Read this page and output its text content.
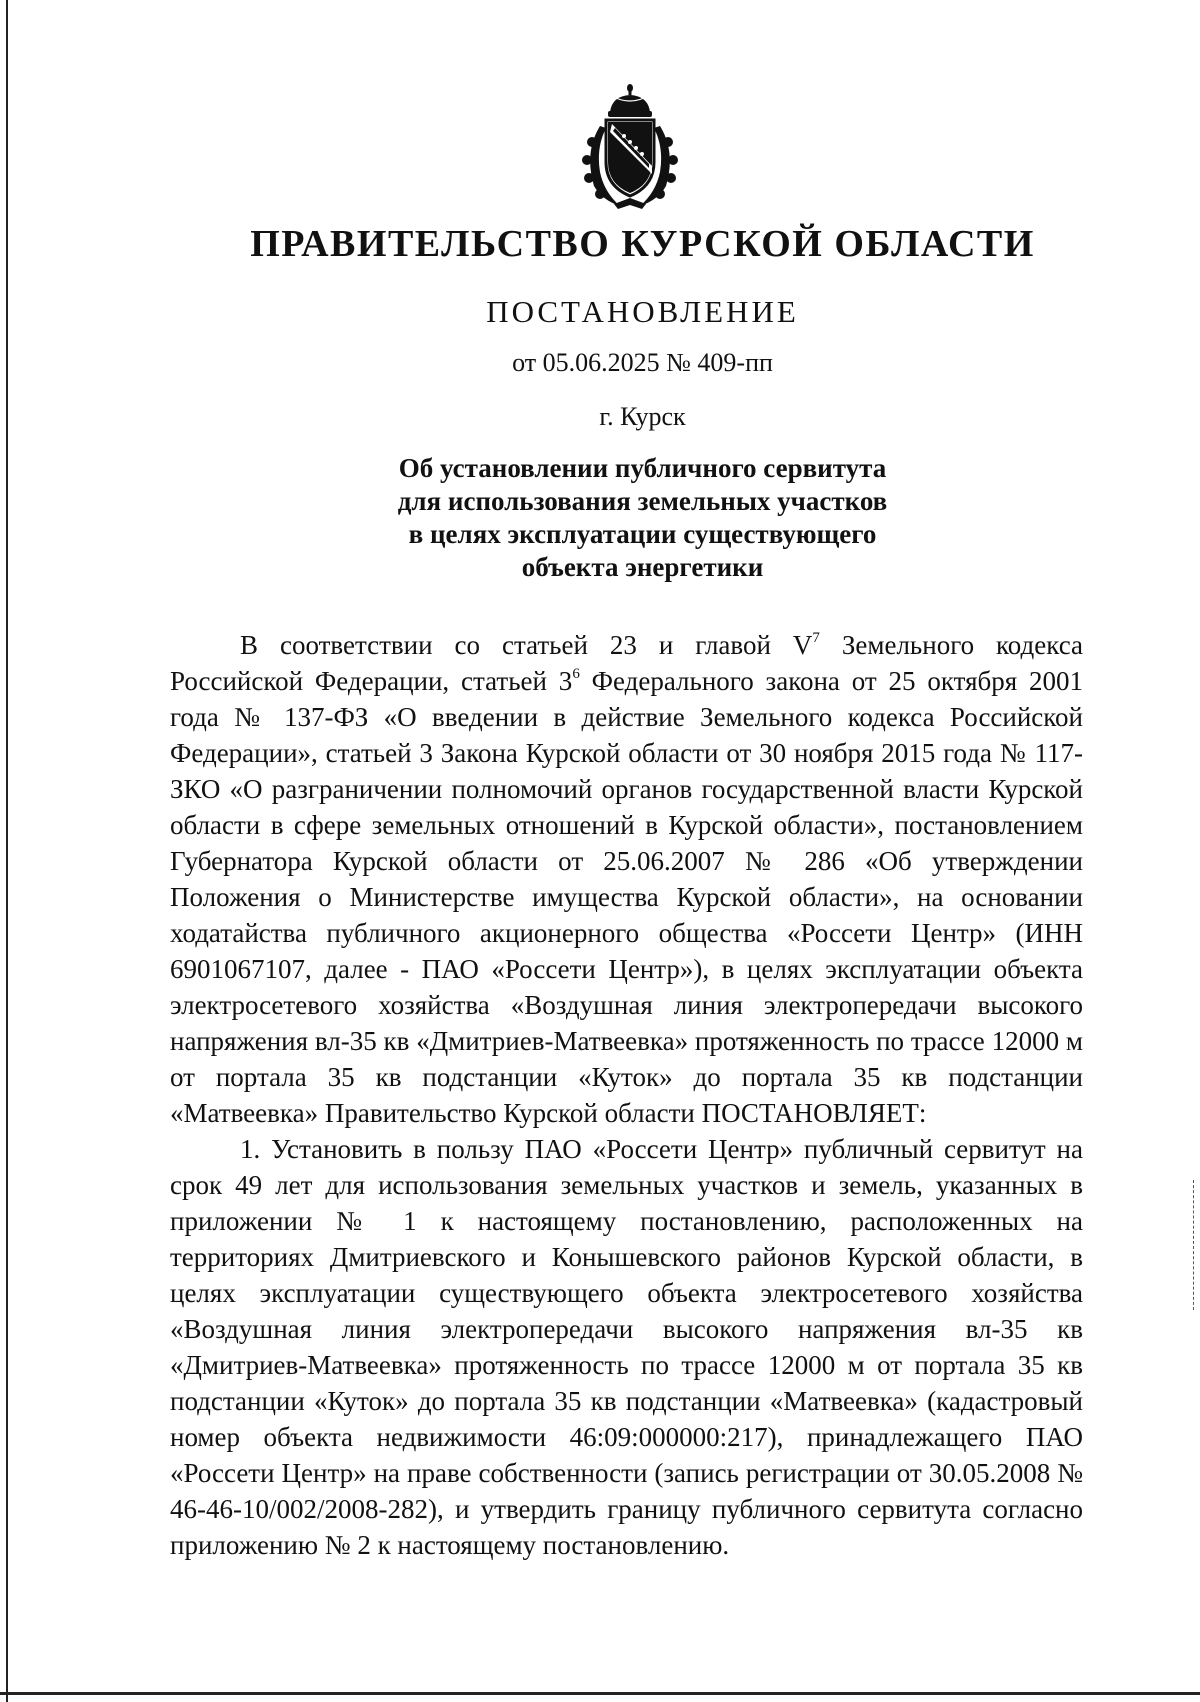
ПРАВИТЕЛЬСТВО КУРСКОЙ ОБЛАСТИ
ПОСТАНОВЛЕНИЕ
от 05.06.2025 № 409-пп
г. Курск
Об установлении публичного сервитута
для использования земельных участков
в целях эксплуатации существующего
объекта энергетики

В соответствии со статьей 23 и главой $V^7$ Земельного кодекса Российской Федерации, статьей $3^6$ Федерального закона от 25 октября 2001 года № 137-ФЗ «О введении в действие Земельного кодекса Российской Федерации», статьей 3 Закона Курской области от 30 ноября 2015 года № 117-ЗКО «О разграничении полномочий органов государственной власти Курской области в сфере земельных отношений в Курской области», постановлением Губернатора Курской области от 25.06.2007 № 286 «Об утверждении Положения о Министерстве имущества Курской области», на основании ходатайства публичного акционерного общества «Россети Центр» (ИНН 6901067107, далее - ПАО «Россети Центр»), в целях эксплуатации объекта электросетевого хозяйства «Воздушная линия электропередачи высокого напряжения вл-35 кв «Дмитриев-Матвеевка» протяженность по трассе 12000 м от портала 35 кв подстанции «Куток» до портала 35 кв подстанции «Матвеевка» Правительство Курской области ПОСТАНОВЛЯЕТ:

1. Установить в пользу ПАО «Россети Центр» публичный сервитут на срок 49 лет для использования земельных участков и земель, указанных в приложении № 1 к настоящему постановлению, расположенных на территориях Дмитриевского и Конышевского районов Курской области, в целях эксплуатации существующего объекта электросетевого хозяйства «Воздушная линия электропередачи высокого напряжения вл-35 кв «Дмитриев-Матвеевка» протяженность по трассе 12000 м от портала 35 кв подстанции «Куток» до портала 35 кв подстанции «Матвеевка» (кадастровый номер объекта недвижимости 46:09:000000:217), принадлежащего ПАО «Россети Центр» на праве собственности (запись регистрации от 30.05.2008 № 46-46-10/002/2008-282), и утвердить границу публичного сервитута согласно приложению № 2 к настоящему постановлению.
